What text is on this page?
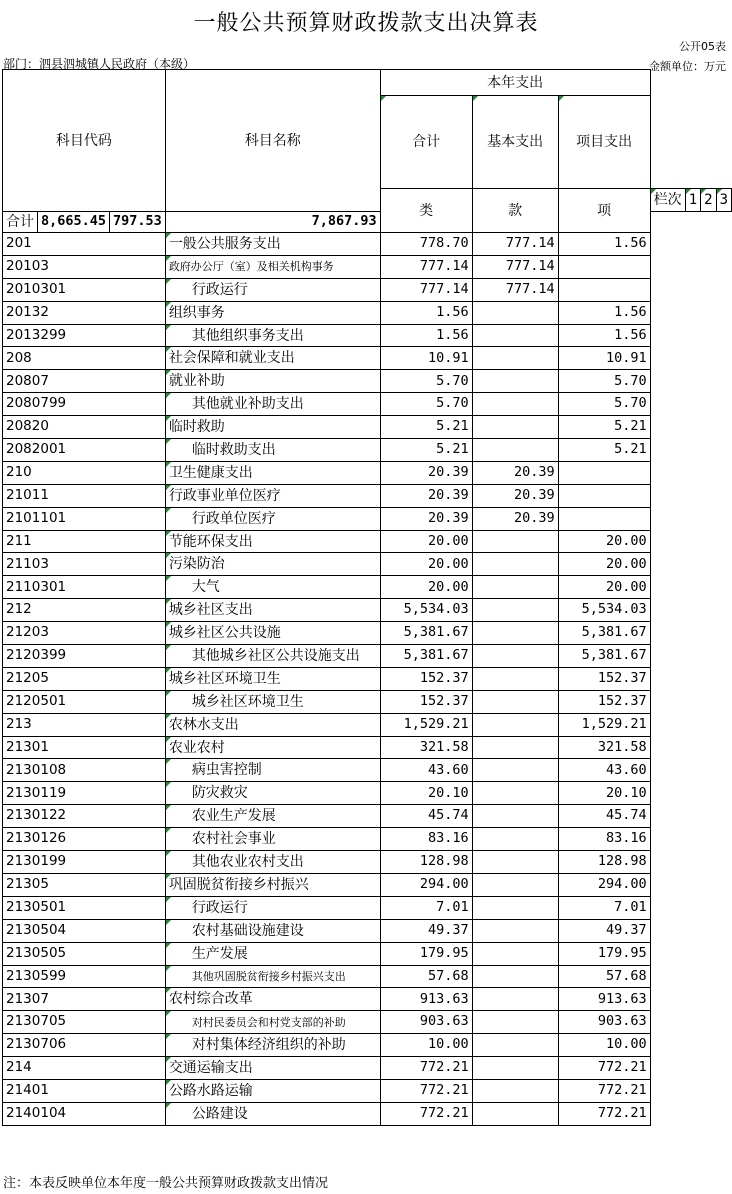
一般公共预算财政拨款支出决算表
公开05表
部门：泗县泗城镇人民政府（本级）	金额单位：万元
科目代码			科目名称	本年支出						
				合计	基本支出	项目支出				
				类	款	项	栏次	1	2	3
合计	8,665.45	797.53	7,867.93							
201			一般公共服务支出	778.70	777.14	1.56				
20103			政府办公厅（室）及相关机构事务	777.14	777.14					
2010301			行政运行	777.14	777.14					
20132			组织事务	1.56		1.56				
2013299			其他组织事务支出	1.56		1.56				
208			社会保障和就业支出	10.91		10.91				
20807			就业补助	5.70		5.70				
2080799			其他就业补助支出	5.70		5.70				
20820			临时救助	5.21		5.21				
2082001			临时救助支出	5.21		5.21				
210			卫生健康支出	20.39	20.39					
21011			行政事业单位医疗	20.39	20.39					
2101101			行政单位医疗	20.39	20.39					
211			节能环保支出	20.00		20.00				
21103			污染防治	20.00		20.00				
2110301			大气	20.00		20.00				
212			城乡社区支出	5,534.03		5,534.03				
21203			城乡社区公共设施	5,381.67		5,381.67				
2120399			其他城乡社区公共设施支出	5,381.67		5,381.67				
21205			城乡社区环境卫生	152.37		152.37				
2120501			城乡社区环境卫生	152.37		152.37				
213			农林水支出	1,529.21		1,529.21				
21301			农业农村	321.58		321.58				
2130108			病虫害控制	43.60		43.60				
2130119			防灾救灾	20.10		20.10				
2130122			农业生产发展	45.74		45.74				
2130126			农村社会事业	83.16		83.16				
2130199			其他农业农村支出	128.98		128.98				
21305			巩固脱贫衔接乡村振兴	294.00		294.00				
2130501			行政运行	7.01		7.01				
2130504			农村基础设施建设	49.37		49.37				
2130505			生产发展	179.95		179.95				
2130599			其他巩固脱贫衔接乡村振兴支出	57.68		57.68				
21307			农村综合改革	913.63		913.63				
2130705			对村民委员会和村党支部的补助	903.63		903.63				
2130706			对村集体经济组织的补助	10.00		10.00				
214			交通运输支出	772.21		772.21				
21401			公路水路运输	772.21		772.21				
2140104			公路建设	772.21		772.21				
注：本表反映单位本年度一般公共预算财政拨款支出情况
